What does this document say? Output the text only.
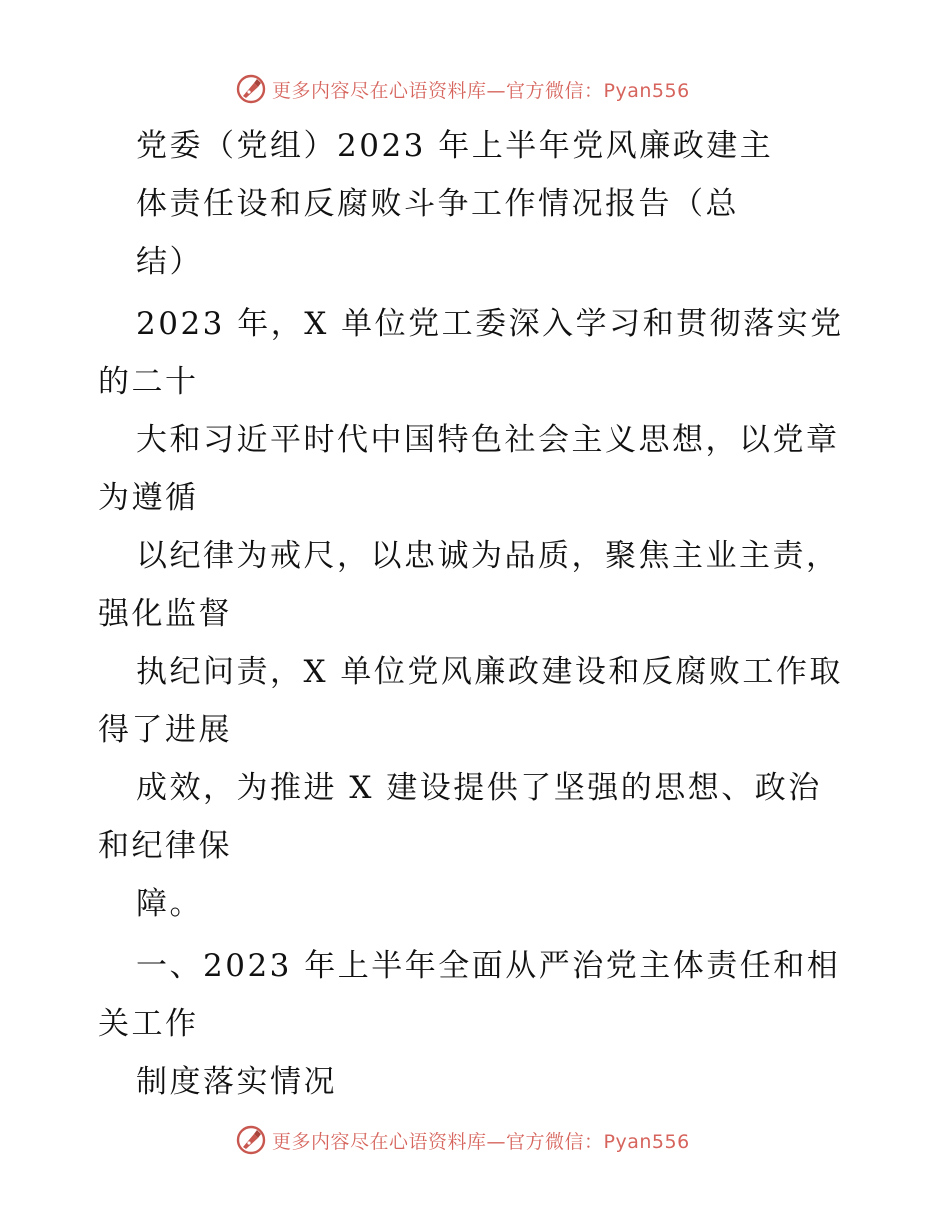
更多内容尽在心语资料库—官方微信：Pyan556
党委（党组）2023 年上半年党风廉政建主
体责任设和反腐败斗争工作情况报告（总
结）
2023 年，X 单位党工委深入学习和贯彻落实党
的二十
大和习近平时代中国特色社会主义思想，以党章
为遵循
以纪律为戒尺，以忠诚为品质，聚焦主业主责，
强化监督
执纪问责，X 单位党风廉政建设和反腐败工作取
得了进展
成效，为推进 X 建设提供了坚强的思想、政治
和纪律保
障。
一、2023 年上半年全面从严治党主体责任和相
关工作
制度落实情况
更多内容尽在心语资料库—官方微信：Pyan556
